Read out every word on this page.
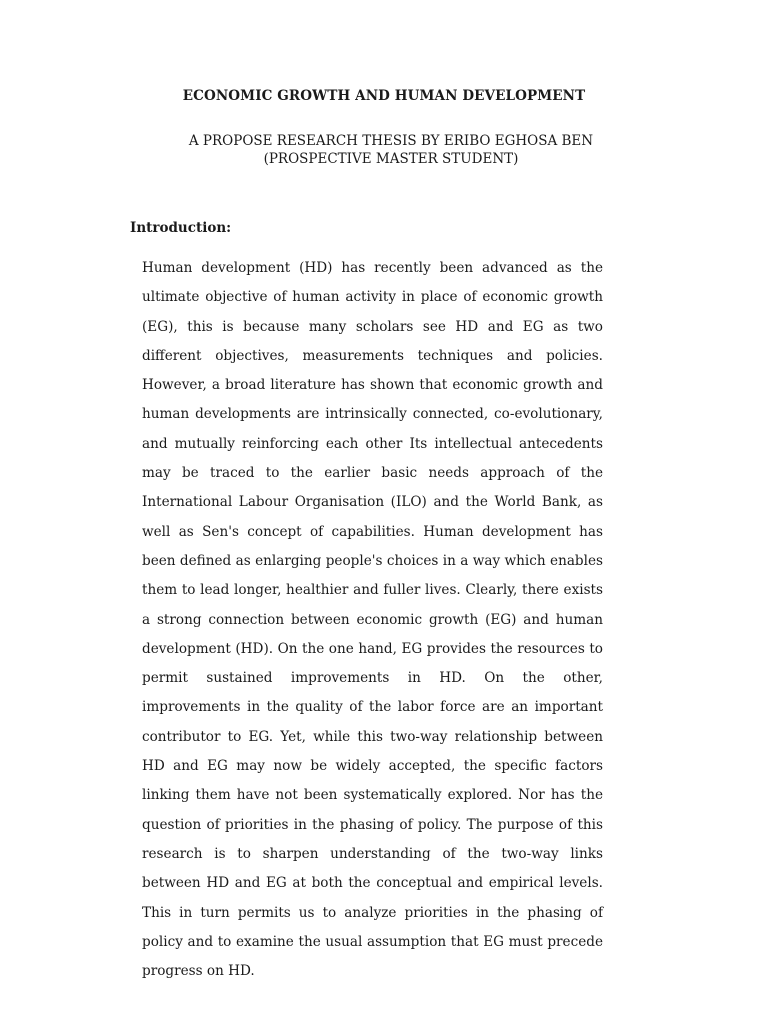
ECONOMIC GROWTH AND HUMAN DEVELOPMENT
A PROPOSE RESEARCH THESIS BY ERIBO EGHOSA BEN
(PROSPECTIVE MASTER STUDENT)
Introduction:

Human development (HD) has recently been advanced as the ultimate objective of human activity in place of economic growth (EG), this is because many scholars see HD and EG as two different objectives, measurements techniques and policies. However, a broad literature has shown that economic growth and human developments are intrinsically connected, co-evolutionary, and mutually reinforcing each other Its intellectual antecedents may be traced to the earlier basic needs approach of the International Labour Organisation (ILO) and the World Bank, as well as Sen's concept of capabilities. Human development has been defined as enlarging people's choices in a way which enables them to lead longer, healthier and fuller lives. Clearly, there exists a strong connection between economic growth (EG) and human development (HD). On the one hand, EG provides the resources to permit sustained improvements in HD. On the other, improvements in the quality of the labor force are an important contributor to EG. Yet, while this two-way relationship between HD and EG may now be widely accepted, the specific factors linking them have not been systematically explored. Nor has the question of priorities in the phasing of policy. The purpose of this research is to sharpen understanding of the two-way links between HD and EG at both the conceptual and empirical levels. This in turn permits us to analyze priorities in the phasing of policy and to examine the usual assumption that EG must precede progress on HD.
